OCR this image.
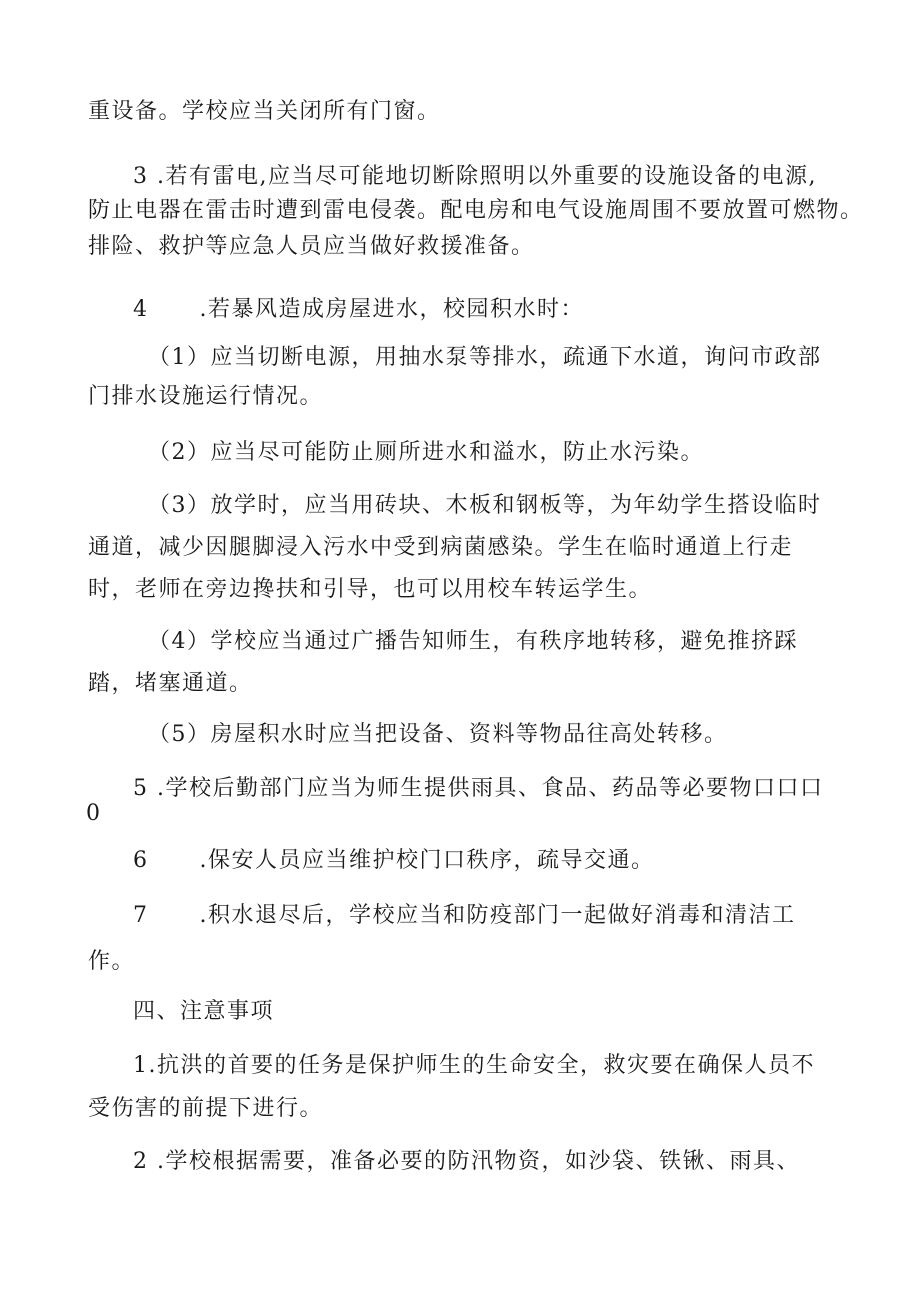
重设备。学校应当关闭所有门窗。
3 .若有雷电,应当尽可能地切断除照明以外重要的设施设备的电源,
防止电器在雷击时遭到雷电侵袭。配电房和电气设施周围不要放置可燃物。
排险、救护等应急人员应当做好救援准备。
4      .若暴风造成房屋进水，校园积水时：
（1）应当切断电源，用抽水泵等排水，疏通下水道，询问市政部
门排水设施运行情况。
（2）应当尽可能防止厕所进水和溢水，防止水污染。
（3）放学时，应当用砖块、木板和钢板等，为年幼学生搭设临时
通道，减少因腿脚浸入污水中受到病菌感染。学生在临时通道上行走
时，老师在旁边搀扶和引导，也可以用校车转运学生。
（4）学校应当通过广播告知师生，有秩序地转移，避免推挤踩
踏，堵塞通道。
（5）房屋积水时应当把设备、资料等物品往高处转移。
5 .学校后勤部门应当为师生提供雨具、食品、药品等必要物口口口
0
6      .保安人员应当维护校门口秩序，疏导交通。
7      .积水退尽后，学校应当和防疫部门一起做好消毒和清洁工
作。
四、注意事项
1.抗洪的首要的任务是保护师生的生命安全，救灾要在确保人员不
受伤害的前提下进行。
2 .学校根据需要，准备必要的防汛物资，如沙袋、铁锹、雨具、
